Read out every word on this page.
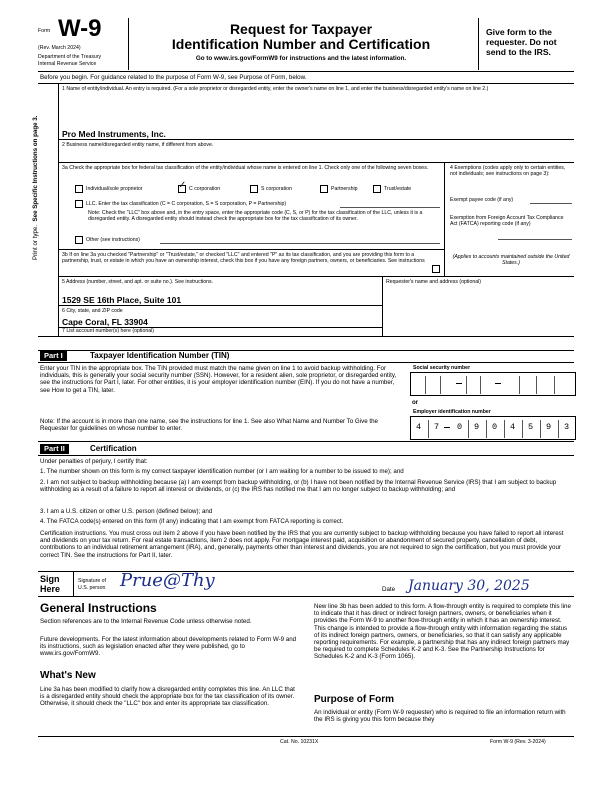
Form W-9
(Rev. March 2024)
Department of the Treasury
Internal Revenue Service
Request for Taxpayer
Identification Number and Certification
Go to www.irs.gov/FormW9 for instructions and the latest information.
Give form to the
requester. Do not
send to the IRS.
Before you begin. For guidance related to the purpose of Form W-9, see Purpose of Form, below.
Print or type.  See Specific Instructions on page 3.
1 Name of entity/individual. An entry is required. (For a sole proprietor or disregarded entity, enter the owner's name on line 1, and enter the business/disregarded entity's name on line 2.)
Pro Med Instruments, Inc.
2 Business name/disregarded entity name, if different from above.
3a Check the appropriate box for federal tax classification of the entity/individual whose name is entered on line 1. Check only one of the following seven boxes.
Individual/sole proprietor	✓ C corporation	S corporation	Partnership	Trust/estate
LLC. Enter the tax classification (C = C corporation, S = S corporation, P = Partnership)
Note: Check the "LLC" box above and, in the entry space, enter the appropriate code (C, S, or P) for the tax classification of the LLC, unless it is a disregarded entity. A disregarded entity should instead check the appropriate box for the tax classification of its owner.
Other (see instructions)
3b If on line 3a you checked "Partnership" or "Trust/estate," or checked "LLC" and entered "P" as its tax classification, and you are providing this form to a partnership, trust, or estate in which you have an ownership interest, check this box if you have any foreign partners, owners, or beneficiaries. See instructions
4 Exemptions (codes apply only to certain entities, not individuals; see instructions on page 3):
Exempt payee code (if any)
Exemption from Foreign Account Tax Compliance Act (FATCA) reporting code (if any)
(Applies to accounts maintained outside the United States.)
5 Address (number, street, and apt. or suite no.). See instructions.
1529 SE 16th Place, Suite 101
Requester's name and address (optional)
6 City, state, and ZIP code
Cape Coral, FL 33904
7 List account number(s) here (optional)
Part I	Taxpayer Identification Number (TIN)
Enter your TIN in the appropriate box. The TIN provided must match the name given on line 1 to avoid backup withholding. For individuals, this is generally your social security number (SSN). However, for a resident alien, sole proprietor, or disregarded entity, see the instructions for Part I, later. For other entities, it is your employer identification number (EIN). If you do not have a number, see How to get a TIN, later.
Note: If the account is in more than one name, see the instructions for line 1. See also What Name and Number To Give the Requester for guidelines on whose number to enter.
Social security number
or
Employer identification number
4	7	0	9	0	4	5	9	3
Part II	Certification
Under penalties of perjury, I certify that:
1. The number shown on this form is my correct taxpayer identification number (or I am waiting for a number to be issued to me); and
2. I am not subject to backup withholding because (a) I am exempt from backup withholding, or (b) I have not been notified by the Internal Revenue Service (IRS) that I am subject to backup withholding as a result of a failure to report all interest or dividends, or (c) the IRS has notified me that I am no longer subject to backup withholding; and
3. I am a U.S. citizen or other U.S. person (defined below); and
4. The FATCA code(s) entered on this form (if any) indicating that I am exempt from FATCA reporting is correct.
Certification instructions. You must cross out item 2 above if you have been notified by the IRS that you are currently subject to backup withholding because you have failed to report all interest and dividends on your tax return. For real estate transactions, item 2 does not apply. For mortgage interest paid, acquisition or abandonment of secured property, cancellation of debt, contributions to an individual retirement arrangement (IRA), and, generally, payments other than interest and dividends, you are not required to sign the certification, but you must provide your correct TIN. See the instructions for Part II, later.
Sign
Here
Signature of
U.S. person Prue@Thy	Date January 30, 2025
General Instructions
Section references are to the Internal Revenue Code unless otherwise noted.
Future developments. For the latest information about developments related to Form W-9 and its instructions, such as legislation enacted after they were published, go to www.irs.gov/FormW9.
What's New
Line 3a has been modified to clarify how a disregarded entity completes this line. An LLC that is a disregarded entity should check the appropriate box for the tax classification of its owner. Otherwise, it should check the "LLC" box and enter its appropriate tax classification.
New line 3b has been added to this form. A flow-through entity is required to complete this line to indicate that it has direct or indirect foreign partners, owners, or beneficiaries when it provides the Form W-9 to another flow-through entity in which it has an ownership interest. This change is intended to provide a flow-through entity with information regarding the status of its indirect foreign partners, owners, or beneficiaries, so that it can satisfy any applicable reporting requirements. For example, a partnership that has any indirect foreign partners may be required to complete Schedules K-2 and K-3. See the Partnership Instructions for Schedules K-2 and K-3 (Form 1065).
Purpose of Form
An individual or entity (Form W-9 requester) who is required to file an information return with the IRS is giving you this form because they
Cat. No. 10231X	Form W-9 (Rev. 3-2024)
